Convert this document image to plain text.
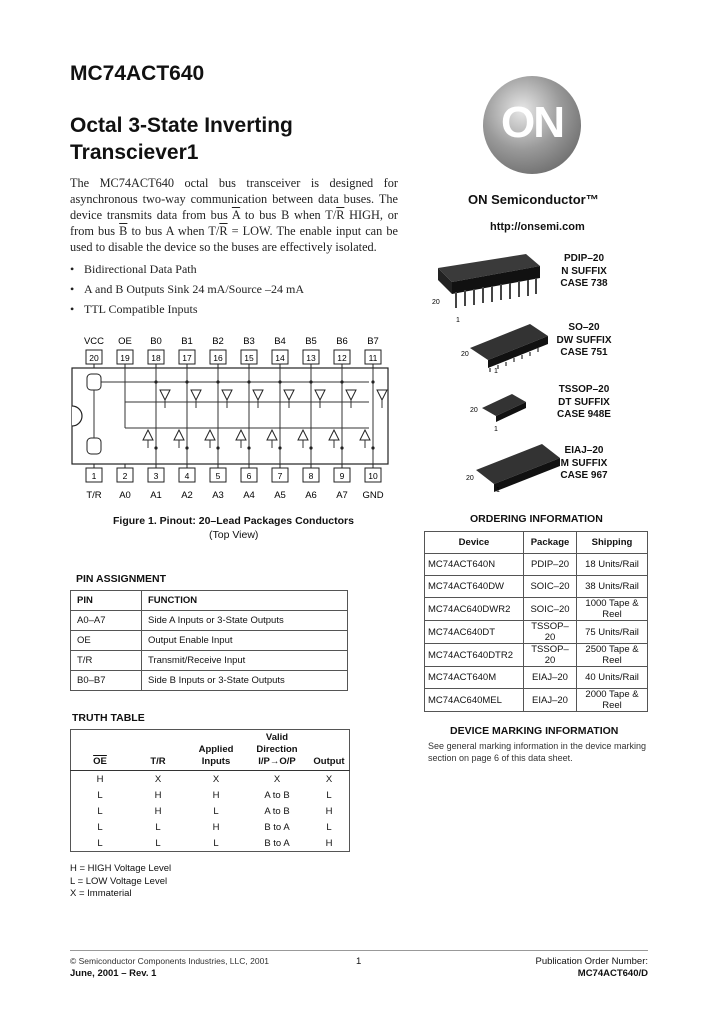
MC74ACT640
Octal 3-State Inverting
Transciever1
The MC74ACT640 octal bus transceiver is designed for asynchronous two-way communication between data buses. The device transmits data from bus $\overline{A}$ to bus B when $T/\overline{R}$ HIGH, or from bus $\overline{B}$ to bus A when $T/\overline{R}$ = LOW. The enable input can be used to disable the device so the buses are effectively isolated.
• Bidirectional Data Path
• A and B Outputs Sink 24 mA/Source –24 mA
• TTL Compatible Inputs
ON
ON Semiconductor™
http://onsemi.com
20
1
20
1
20
1
20
1
PDIP–20
N SUFFIX
CASE 738
SO–20
DW SUFFIX
CASE 751
TSSOP–20
DT SUFFIX
CASE 948E
EIAJ–20
M SUFFIX
CASE 967
VCC
20
1
T/R
OE
19
2
A0
B0
18
3
A1
B1
17
4
A2
B2
16
5
A3
B3
15
6
A4
B4
14
7
A5
B5
13
8
A6
B6
12
9
A7
B7
11
10
GND
Figure 1. Pinout: 20–Lead Packages Conductors
(Top View)
PIN ASSIGNMENT
PIN	FUNCTION
A0–A7	Side A Inputs or 3-State Outputs
OE	Output Enable Input
T/R	Transmit/Receive Input
B0–B7	Side B Inputs or 3-State Outputs
TRUTH TABLE
$\overline{OE}$	T/R	Applied Inputs	Valid Direction I/P→O/P	Output
H	X	X	X	X
L	H	H	A to B	L
L	H	L	A to B	H
L	L	H	B to A	L
L	L	L	B to A	H
H = HIGH Voltage Level
L = LOW Voltage Level
X = Immaterial
ORDERING INFORMATION
Device	Package	Shipping
MC74ACT640N	PDIP–20	18 Units/Rail
MC74ACT640DW	SOIC–20	38 Units/Rail
MC74AC640DWR2	SOIC–20	1000 Tape & Reel
MC74AC640DT	TSSOP–20	75 Units/Rail
MC74ACT640DTR2	TSSOP–20	2500 Tape & Reel
MC74ACT640M	EIAJ–20	40 Units/Rail
MC74AC640MEL	EIAJ–20	2000 Tape & Reel
DEVICE MARKING INFORMATION
See general marking information in the device marking section on page 6 of this data sheet.
© Semiconductor Components Industries, LLC, 2001
June, 2001 – Rev. 1
1	Publication Order Number:
MC74ACT640/D
